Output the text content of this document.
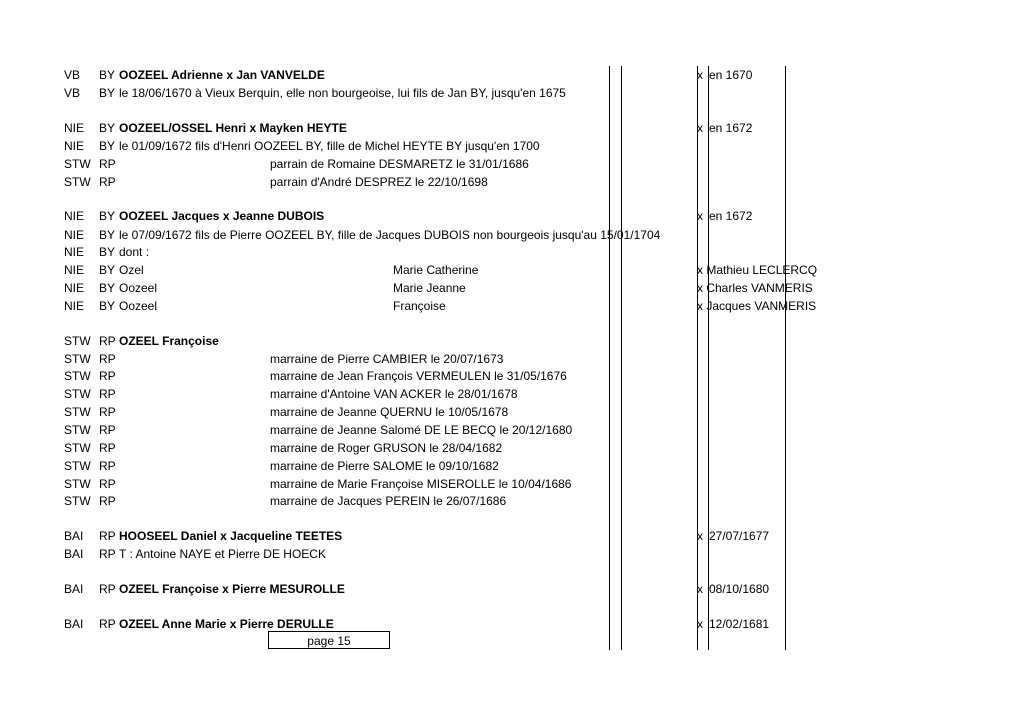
VB BY OOZEEL Adrienne x Jan VANVELDE	x en 1670
VB BY le 18/06/1670 à Vieux Berquin, elle non bourgeoise, lui fils de Jan BY, jusqu'en 1675
NIE BY OOZEEL/OSSEL Henri x Mayken HEYTE	x en 1672
NIE BY le 01/09/1672 fils d'Henri OOZEEL BY, fille de Michel HEYTE BY jusqu'en 1700
STW RP	parrain de Romaine DESMARETZ le 31/01/1686
STW RP	parrain d'André DESPREZ le 22/10/1698
NIE BY OOZEEL Jacques x Jeanne DUBOIS	x en 1672
NIE BY le 07/09/1672 fils de Pierre OOZEEL BY, fille de Jacques DUBOIS non bourgeois jusqu'au 15/01/1704
NIE BY dont :
NIE BY Ozel	Marie Catherine	x Mathieu LECLERCQ
NIE BY Oozeel	Marie Jeanne	x Charles VANMERIS
NIE BY Oozeel	Françoise	x Jacques VANMERIS
STW RP OZEEL Françoise
STW RP	marraine de Pierre CAMBIER le 20/07/1673
STW RP	marraine de Jean François VERMEULEN le 31/05/1676
STW RP	marraine d'Antoine VAN ACKER le 28/01/1678
STW RP	marraine de Jeanne QUERNU le 10/05/1678
STW RP	marraine de Jeanne Salomé DE LE BECQ le 20/12/1680
STW RP	marraine de Roger GRUSON le 28/04/1682
STW RP	marraine de Pierre SALOME le 09/10/1682
STW RP	marraine de Marie Françoise MISEROLLE le 10/04/1686
STW RP	marraine de Jacques PEREIN le 26/07/1686
BAI RP HOOSEEL Daniel x Jacqueline TEETES	x 27/07/1677
BAI RP T : Antoine NAYE et Pierre DE HOECK
BAI RP OZEEL Françoise x Pierre MESUROLLE	x 08/10/1680
BAI RP OZEEL Anne Marie x Pierre DERULLE	x 12/02/1681
page 15
